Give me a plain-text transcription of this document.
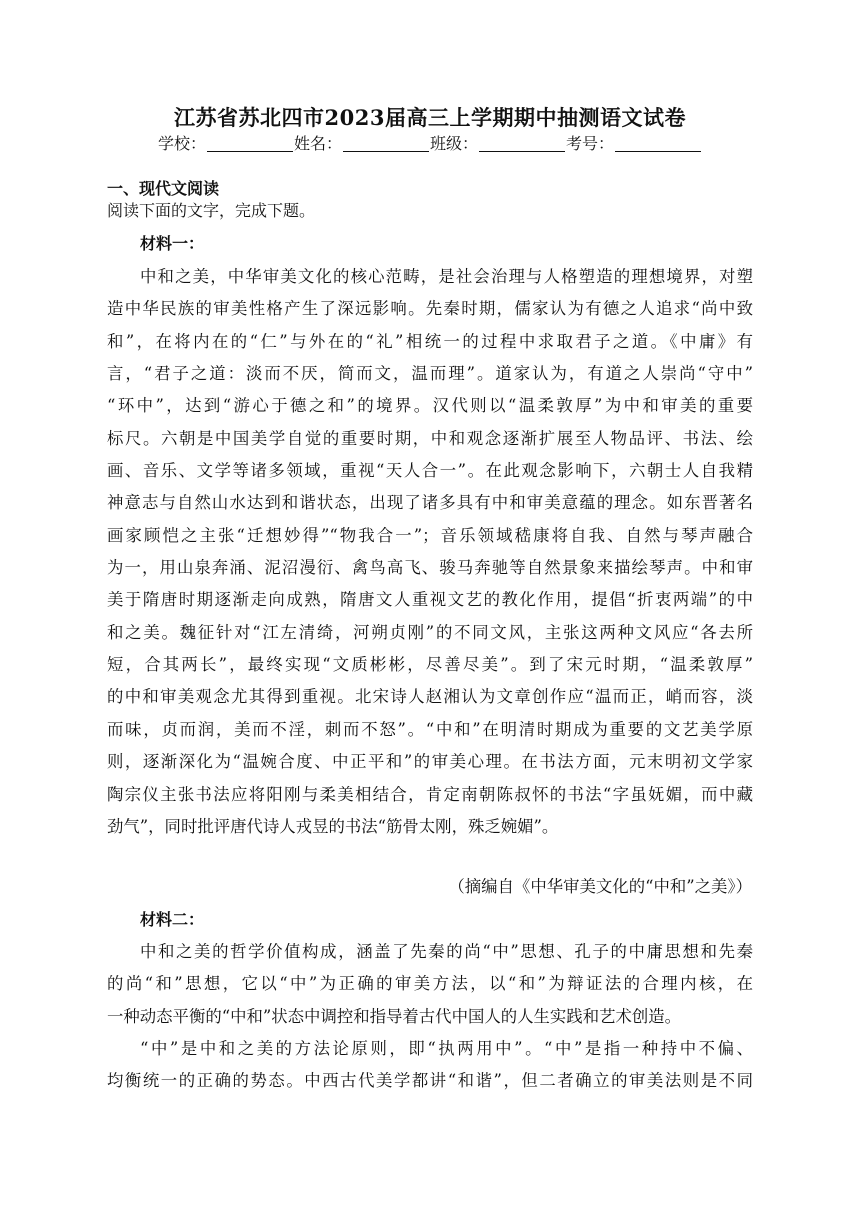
江苏省苏北四市2023届高三上学期期中抽测语文试卷
学校：	姓名：	班级：	考号：
一、现代文阅读
阅读下面的文字，完成下题。
材料一：
中和之美，中华审美文化的核心范畴，是社会治理与人格塑造的理想境界，对塑
造中华民族的审美性格产生了深远影响。先秦时期，儒家认为有德之人追求“尚中致
和”，在将内在的“仁”与外在的“礼”相统一的过程中求取君子之道。《中庸》有
言，“君子之道：淡而不厌，简而文，温而理”。道家认为，有道之人崇尚“守中”
“环中”，达到“游心于德之和”的境界。汉代则以“温柔敦厚”为中和审美的重要
标尺。六朝是中国美学自觉的重要时期，中和观念逐渐扩展至人物品评、书法、绘
画、音乐、文学等诸多领域，重视“天人合一”。在此观念影响下，六朝士人自我精
神意志与自然山水达到和谐状态，出现了诸多具有中和审美意蕴的理念。如东晋著名
画家顾恺之主张“迁想妙得”“物我合一”；音乐领域嵇康将自我、自然与琴声融合
为一，用山泉奔涌、泥沼漫衍、禽鸟高飞、骏马奔驰等自然景象来描绘琴声。中和审
美于隋唐时期逐渐走向成熟，隋唐文人重视文艺的教化作用，提倡“折衷两端”的中
和之美。魏征针对“江左清绮，河朔贞刚”的不同文风，主张这两种文风应“各去所
短，合其两长”，最终实现“文质彬彬，尽善尽美”。到了宋元时期，“温柔敦厚”
的中和审美观念尤其得到重视。北宋诗人赵湘认为文章创作应“温而正，峭而容，淡
而味，贞而润，美而不淫，刺而不怒”。“中和”在明清时期成为重要的文艺美学原
则，逐渐深化为“温婉合度、中正平和”的审美心理。在书法方面，元末明初文学家
陶宗仪主张书法应将阳刚与柔美相结合，肯定南朝陈叔怀的书法“字虽妩媚，而中藏
劲气”，同时批评唐代诗人戎昱的书法“筋骨太刚，殊乏婉媚”。
（摘编自《中华审美文化的“中和”之美》）
材料二：
中和之美的哲学价值构成，涵盖了先秦的尚“中”思想、孔子的中庸思想和先秦
的尚“和”思想，它以“中”为正确的审美方法，以“和”为辩证法的合理内核，在
一种动态平衡的“中和”状态中调控和指导着古代中国人的人生实践和艺术创造。
“中”是中和之美的方法论原则，即“执两用中”。“中”是指一种持中不偏、
均衡统一的正确的势态。中西古代美学都讲“和谐”，但二者确立的审美法则是不同
